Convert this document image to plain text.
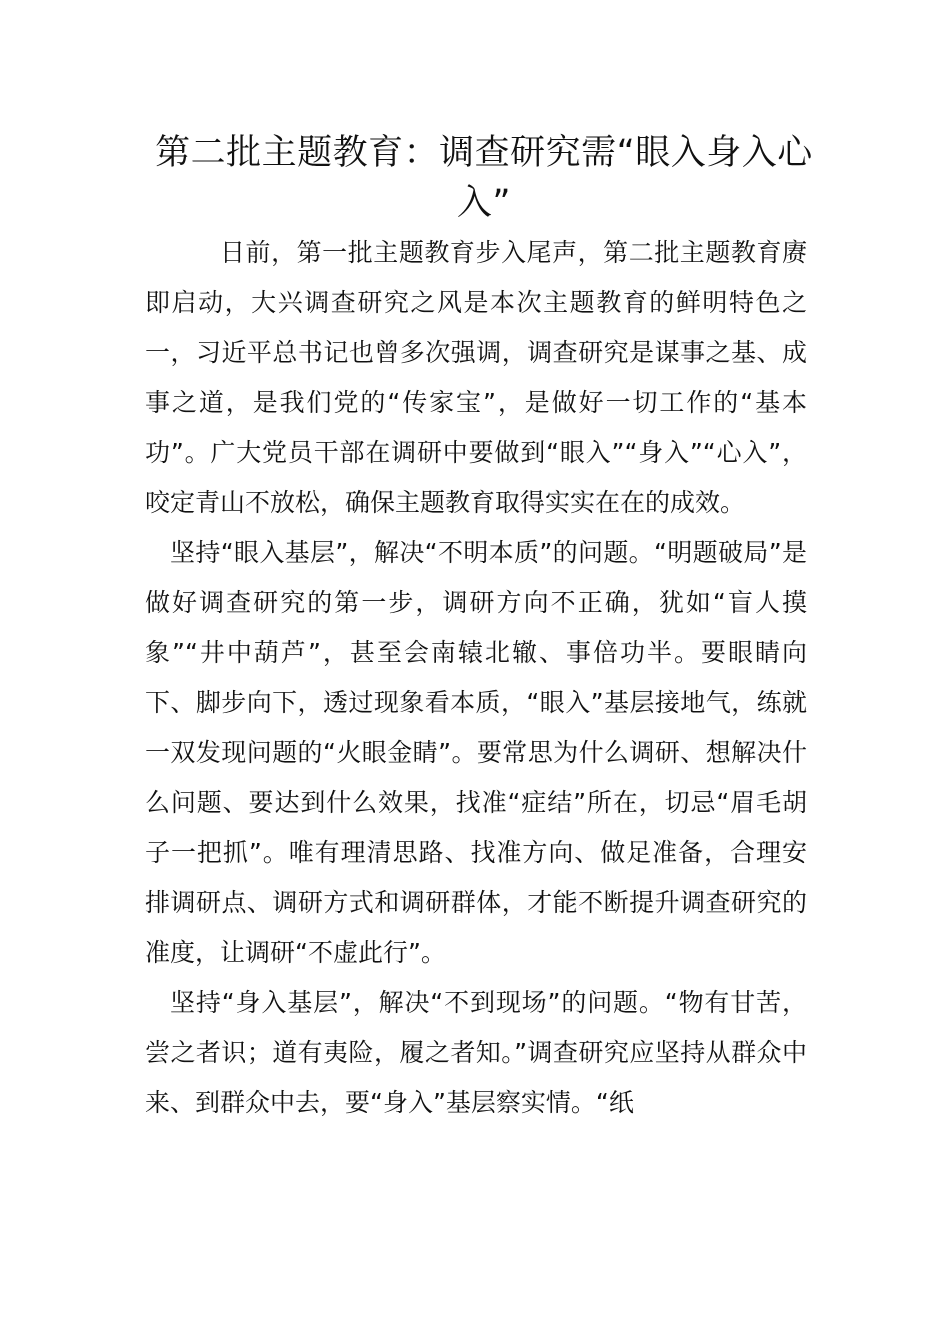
第二批主题教育：调查研究需“眼入身入心入”

日前，第一批主题教育步入尾声，第二批主题教育赓即启动，大兴调查研究之风是本次主题教育的鲜明特色之一，习近平总书记也曾多次强调，调查研究是谋事之基、成事之道，是我们党的“传家宝”，是做好一切工作的“基本功”。广大党员干部在调研中要做到“眼入”“身入”“心入”，咬定青山不放松，确保主题教育取得实实在在的成效。

坚持“眼入基层”，解决“不明本质”的问题。“明题破局”是做好调查研究的第一步，调研方向不正确，犹如“盲人摸象”“井中葫芦”，甚至会南辕北辙、事倍功半。要眼睛向下、脚步向下，透过现象看本质，“眼入”基层接地气，练就一双发现问题的“火眼金睛”。要常思为什么调研、想解决什么问题、要达到什么效果，找准“症结”所在，切忌“眉毛胡子一把抓”。唯有理清思路、找准方向、做足准备，合理安排调研点、调研方式和调研群体，才能不断提升调查研究的准度，让调研“不虚此行”。

坚持“身入基层”，解决“不到现场”的问题。“物有甘苦，尝之者识；道有夷险，履之者知。”调查研究应坚持从群众中来、到群众中去，要“身入”基层察实情。“纸
